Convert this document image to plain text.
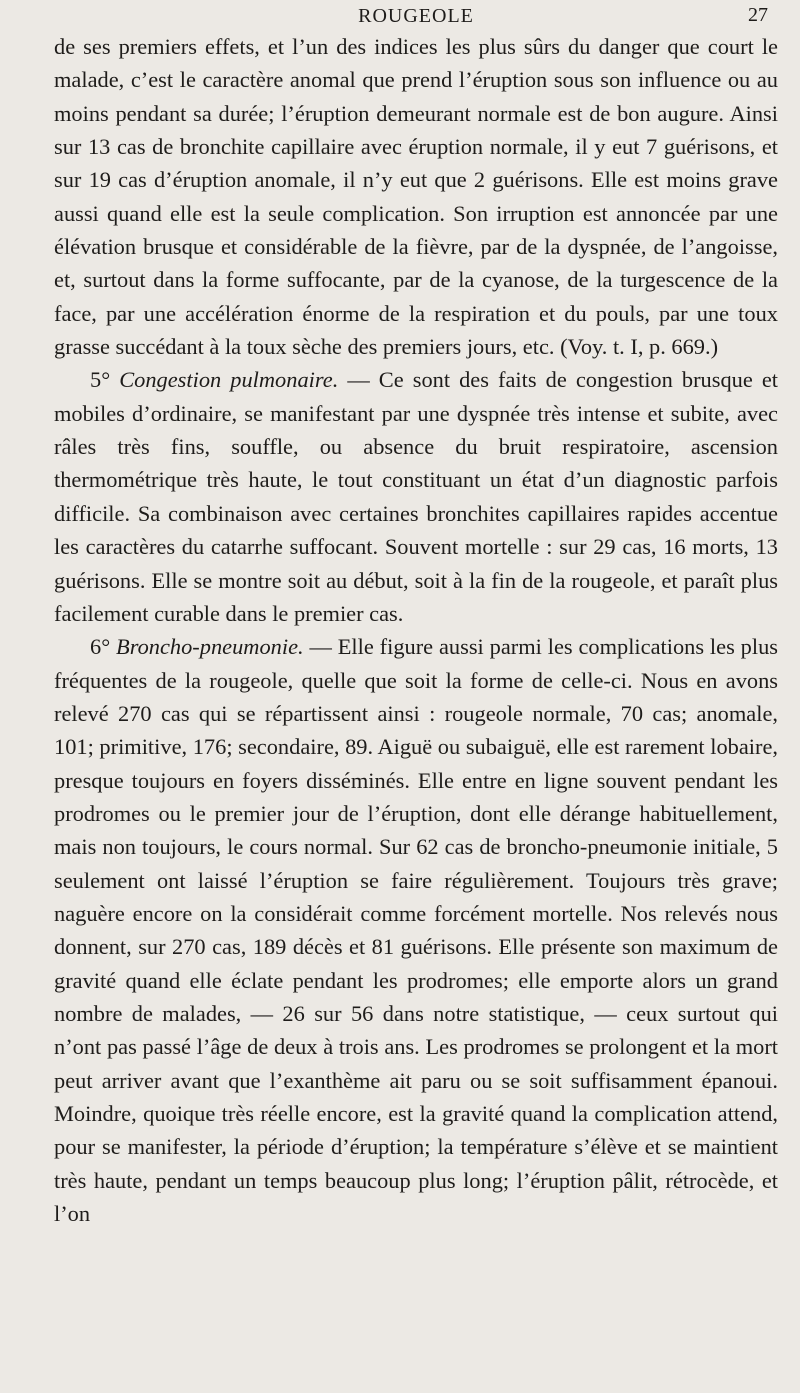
ROUGEOLE	27

de ses premiers effets, et l’un des indices les plus sûrs du danger que court le malade, c’est le caractère anomal que prend l’éruption sous son influence ou au moins pendant sa durée; l’éruption demeurant normale est de bon augure. Ainsi sur 13 cas de bronchite capillaire avec éruption normale, il y eut 7 guérisons, et sur 19 cas d’éruption anomale, il n’y eut que 2 guérisons. Elle est moins grave aussi quand elle est la seule complication. Son irruption est annoncée par une élévation brusque et considérable de la fièvre, par de la dyspnée, de l’angoisse, et, surtout dans la forme suffocante, par de la cyanose, de la turgescence de la face, par une accélération énorme de la respiration et du pouls, par une toux grasse succédant à la toux sèche des premiers jours, etc. (Voy. t. I, p. 669.)

5° Congestion pulmonaire. — Ce sont des faits de congestion brusque et mobiles d’ordinaire, se manifestant par une dyspnée très intense et subite, avec râles très fins, souffle, ou absence du bruit respiratoire, ascension thermométrique très haute, le tout constituant un état d’un diagnostic parfois difficile. Sa combinaison avec certaines bronchites capillaires rapides accentue les caractères du catarrhe suffocant. Souvent mortelle : sur 29 cas, 16 morts, 13 guérisons. Elle se montre soit au début, soit à la fin de la rougeole, et paraît plus facilement curable dans le premier cas.

6° Broncho-pneumonie. — Elle figure aussi parmi les complications les plus fréquentes de la rougeole, quelle que soit la forme de celle-ci. Nous en avons relevé 270 cas qui se répartissent ainsi : rougeole normale, 70 cas; anomale, 101; primitive, 176; secondaire, 89. Aiguë ou subaiguë, elle est rarement lobaire, presque toujours en foyers disséminés. Elle entre en ligne souvent pendant les prodromes ou le premier jour de l’éruption, dont elle dérange habituellement, mais non toujours, le cours normal. Sur 62 cas de broncho-pneumonie initiale, 5 seulement ont laissé l’éruption se faire régulièrement. Toujours très grave; naguère encore on la considérait comme forcément mortelle. Nos relevés nous donnent, sur 270 cas, 189 décès et 81 guérisons. Elle présente son maximum de gravité quand elle éclate pendant les prodromes; elle emporte alors un grand nombre de malades, — 26 sur 56 dans notre statistique, — ceux surtout qui n’ont pas passé l’âge de deux à trois ans. Les prodromes se prolongent et la mort peut arriver avant que l’exanthème ait paru ou se soit suffisamment épanoui. Moindre, quoique très réelle encore, est la gravité quand la complication attend, pour se manifester, la période d’éruption; la température s’élève et se maintient très haute, pendant un temps beaucoup plus long; l’éruption pâlit, rétrocède, et l’on
